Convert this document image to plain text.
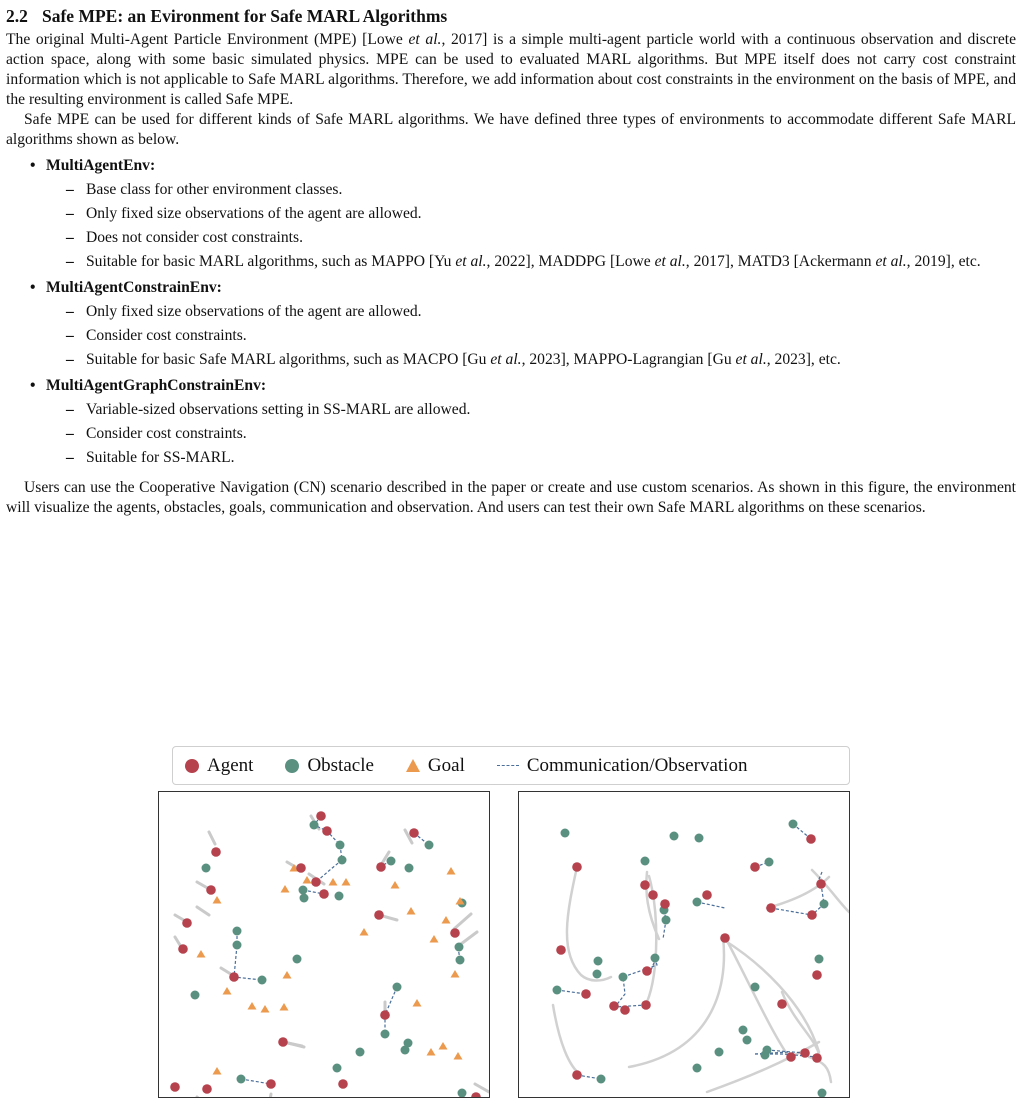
2.2 Safe MPE: an Evironment for Safe MARL Algorithms

The original Multi-Agent Particle Environment (MPE) [Lowe et al., 2017] is a simple multi-agent particle world with a continuous observation and discrete action space, along with some basic simulated physics. MPE can be used to evaluated MARL algorithms. But MPE itself does not carry cost constraint information which is not applicable to Safe MARL algorithms. Therefore, we add information about cost constraints in the environment on the basis of MPE, and the resulting environment is called Safe MPE.

Safe MPE can be used for different kinds of Safe MARL algorithms. We have defined three types of environments to accommodate different Safe MARL algorithms shown as below.

• MultiAgentEnv:
– Base class for other environment classes.
– Only fixed size observations of the agent are allowed.
– Does not consider cost constraints.
– Suitable for basic MARL algorithms, such as MAPPO [Yu et al., 2022], MADDPG [Lowe et al., 2017], MATD3 [Ackermann et al., 2019], etc.
• MultiAgentConstrainEnv:
– Only fixed size observations of the agent are allowed.
– Consider cost constraints.
– Suitable for basic Safe MARL algorithms, such as MACPO [Gu et al., 2023], MAPPO-Lagrangian [Gu et al., 2023], etc.
• MultiAgentGraphConstrainEnv:
– Variable-sized observations setting in SS-MARL are allowed.
– Consider cost constraints.
– Suitable for SS-MARL.

Users can use the Cooperative Navigation (CN) scenario described in the paper or create and use custom scenarios. As shown in this figure, the environment will visualize the agents, obstacles, goals, communication and observation. And users can test their own Safe MARL algorithms on these scenarios.

Agent	Obstacle	Goal	Communication/Observation
